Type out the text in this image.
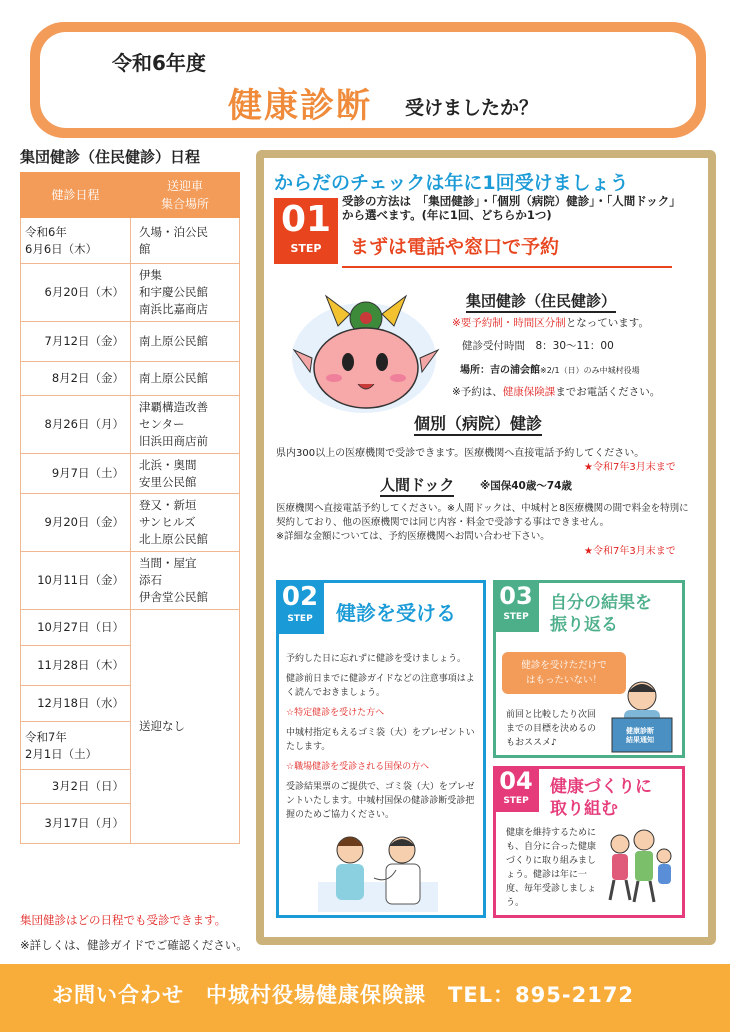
令和6年度
健康診断 受けましたか？
集団健診（住民健診）日程
健診日程	送迎車
集合場所
令和6年
6月6日（木）	久場・泊公民
館
6月20日（木）	伊集
和宇慶公民館
南浜比嘉商店
7月12日（金）	南上原公民館
8月2日（金）	南上原公民館
8月26日（月）	津覇構造改善
センター
旧浜田商店前
9月7日（土）	北浜・奥間
安里公民館
9月20日（金）	登又・新垣
サンヒルズ
北上原公民館
10月11日（金）	当間・屋宜
添石
伊舎堂公民館
10月27日（日）	送迎なし
11月28日（木）	
12月18日（水）	
令和7年
2月1日（土）	
3月2日（日）	
3月17日（月）	
集団健診はどの日程でも受診できます。
※詳しくは、健診ガイドでご確認ください。
からだのチェックは年に1回受けましょう
01
STEP
受診の方法は　「集団健診」・「個別（病院）健診」・「人間ドック」から選べます。(年に1回、どちらか1つ)
まずは電話や窓口で予約
集団健診（住民健診）
※要予約制・時間区分制となっています。
健診受付時間　8：30～11：00
場所：吉の浦会館※2/1（日）のみ中城村役場
※予約は、健康保険課までお電話ください。
個別（病院）健診
県内300以上の医療機関で受診できます。医療機関へ直接電話予約してください。
★令和7年3月末まで
人間ドック ※国保40歳～74歳
医療機関へ直接電話予約してください。※人間ドックは、中城村と8医療機関の間で料金を特別に契約しており、他の医療機関では同じ内容・料金で受診する事はできません。
※詳細な金額については、予約医療機関へお問い合わせ下さい。
★令和7年3月末まで
02
STEP	健診を受ける

予約した日に忘れずに健診を受けましょう。

健診前日までに健診ガイドなどの注意事項はよく読んでおきましょう。

☆特定健診を受けた方へ

中城村指定もえるゴミ袋（大）をプレゼントいたします。

☆職場健診を受診される国保の方へ

受診結果票のご提供で、ゴミ袋（大）をプレゼントいたします。中城村国保の健診診断受診把握のためご協力ください。

03
STEP
自分の結果を
振り返る
健診を受けただけで
はもったいない！
前回と比較したり次回までの目標を決めるのもおススメ♪
健康診断
結果通知
04
STEP
健康づくりに
取り組む
健康を維持するためにも、自分に合った健康づくりに取り組みましょう。健診は年に一度、毎年受診しましょう。
お問い合わせ　中城村役場健康保険課　TEL：895-2172
